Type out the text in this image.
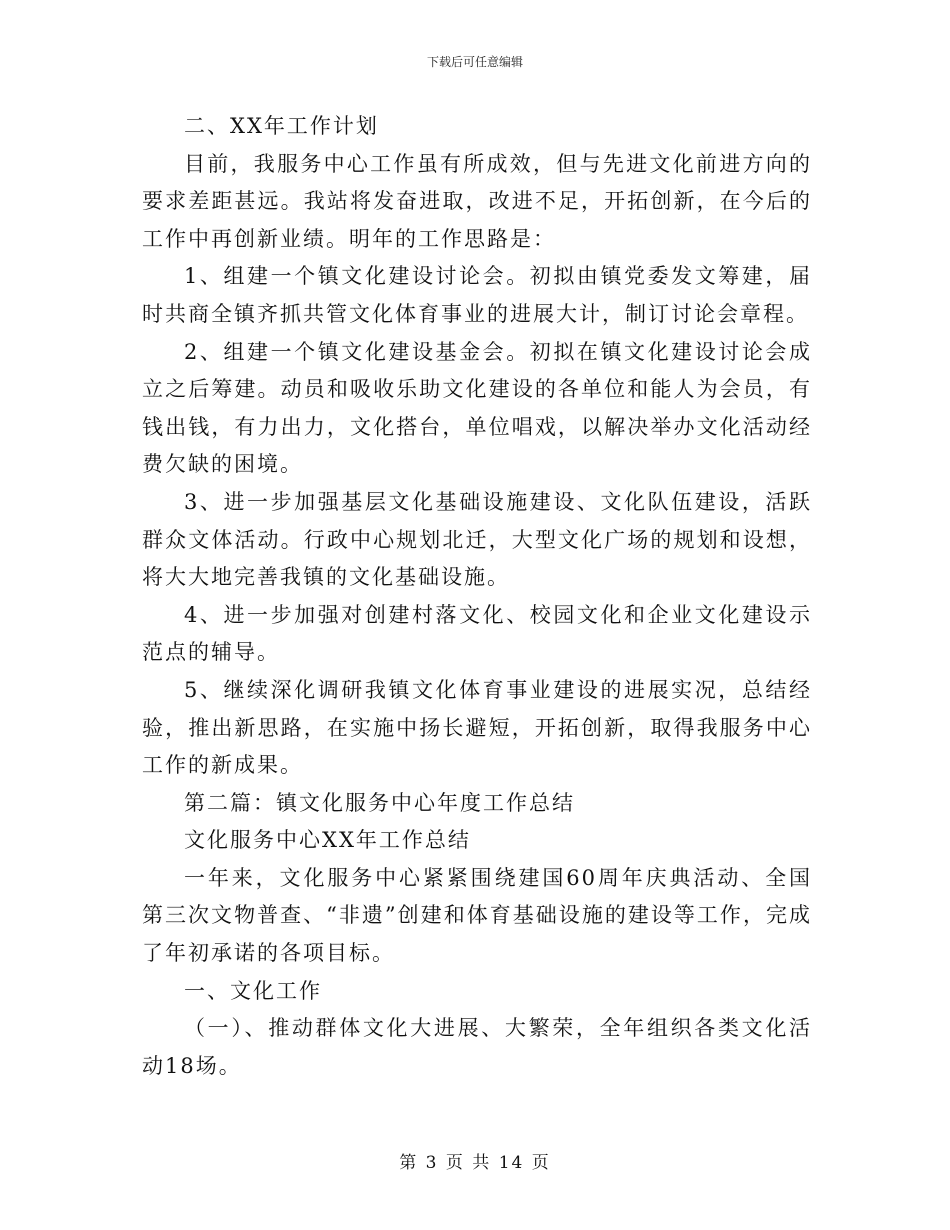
下载后可任意编辑

二、XX年工作计划

目前，我服务中心工作虽有所成效，但与先进文化前进方向的要求差距甚远。我站将发奋进取，改进不足，开拓创新，在今后的工作中再创新业绩。明年的工作思路是：

1、组建一个镇文化建设讨论会。初拟由镇党委发文筹建，届时共商全镇齐抓共管文化体育事业的进展大计，制订讨论会章程。

2、组建一个镇文化建设基金会。初拟在镇文化建设讨论会成立之后筹建。动员和吸收乐助文化建设的各单位和能人为会员，有钱出钱，有力出力，文化搭台，单位唱戏，以解决举办文化活动经费欠缺的困境。

3、进一步加强基层文化基础设施建设、文化队伍建设，活跃群众文体活动。行政中心规划北迁，大型文化广场的规划和设想，将大大地完善我镇的文化基础设施。

4、进一步加强对创建村落文化、校园文化和企业文化建设示范点的辅导。

5、继续深化调研我镇文化体育事业建设的进展实况，总结经验，推出新思路，在实施中扬长避短，开拓创新，取得我服务中心工作的新成果。

第二篇：镇文化服务中心年度工作总结

文化服务中心XX年工作总结

一年来，文化服务中心紧紧围绕建国60周年庆典活动、全国第三次文物普查、“非遗”创建和体育基础设施的建设等工作，完成了年初承诺的各项目标。

一、文化工作

（一）、推动群体文化大进展、大繁荣，全年组织各类文化活动18场。

第 3 页 共 14 页
